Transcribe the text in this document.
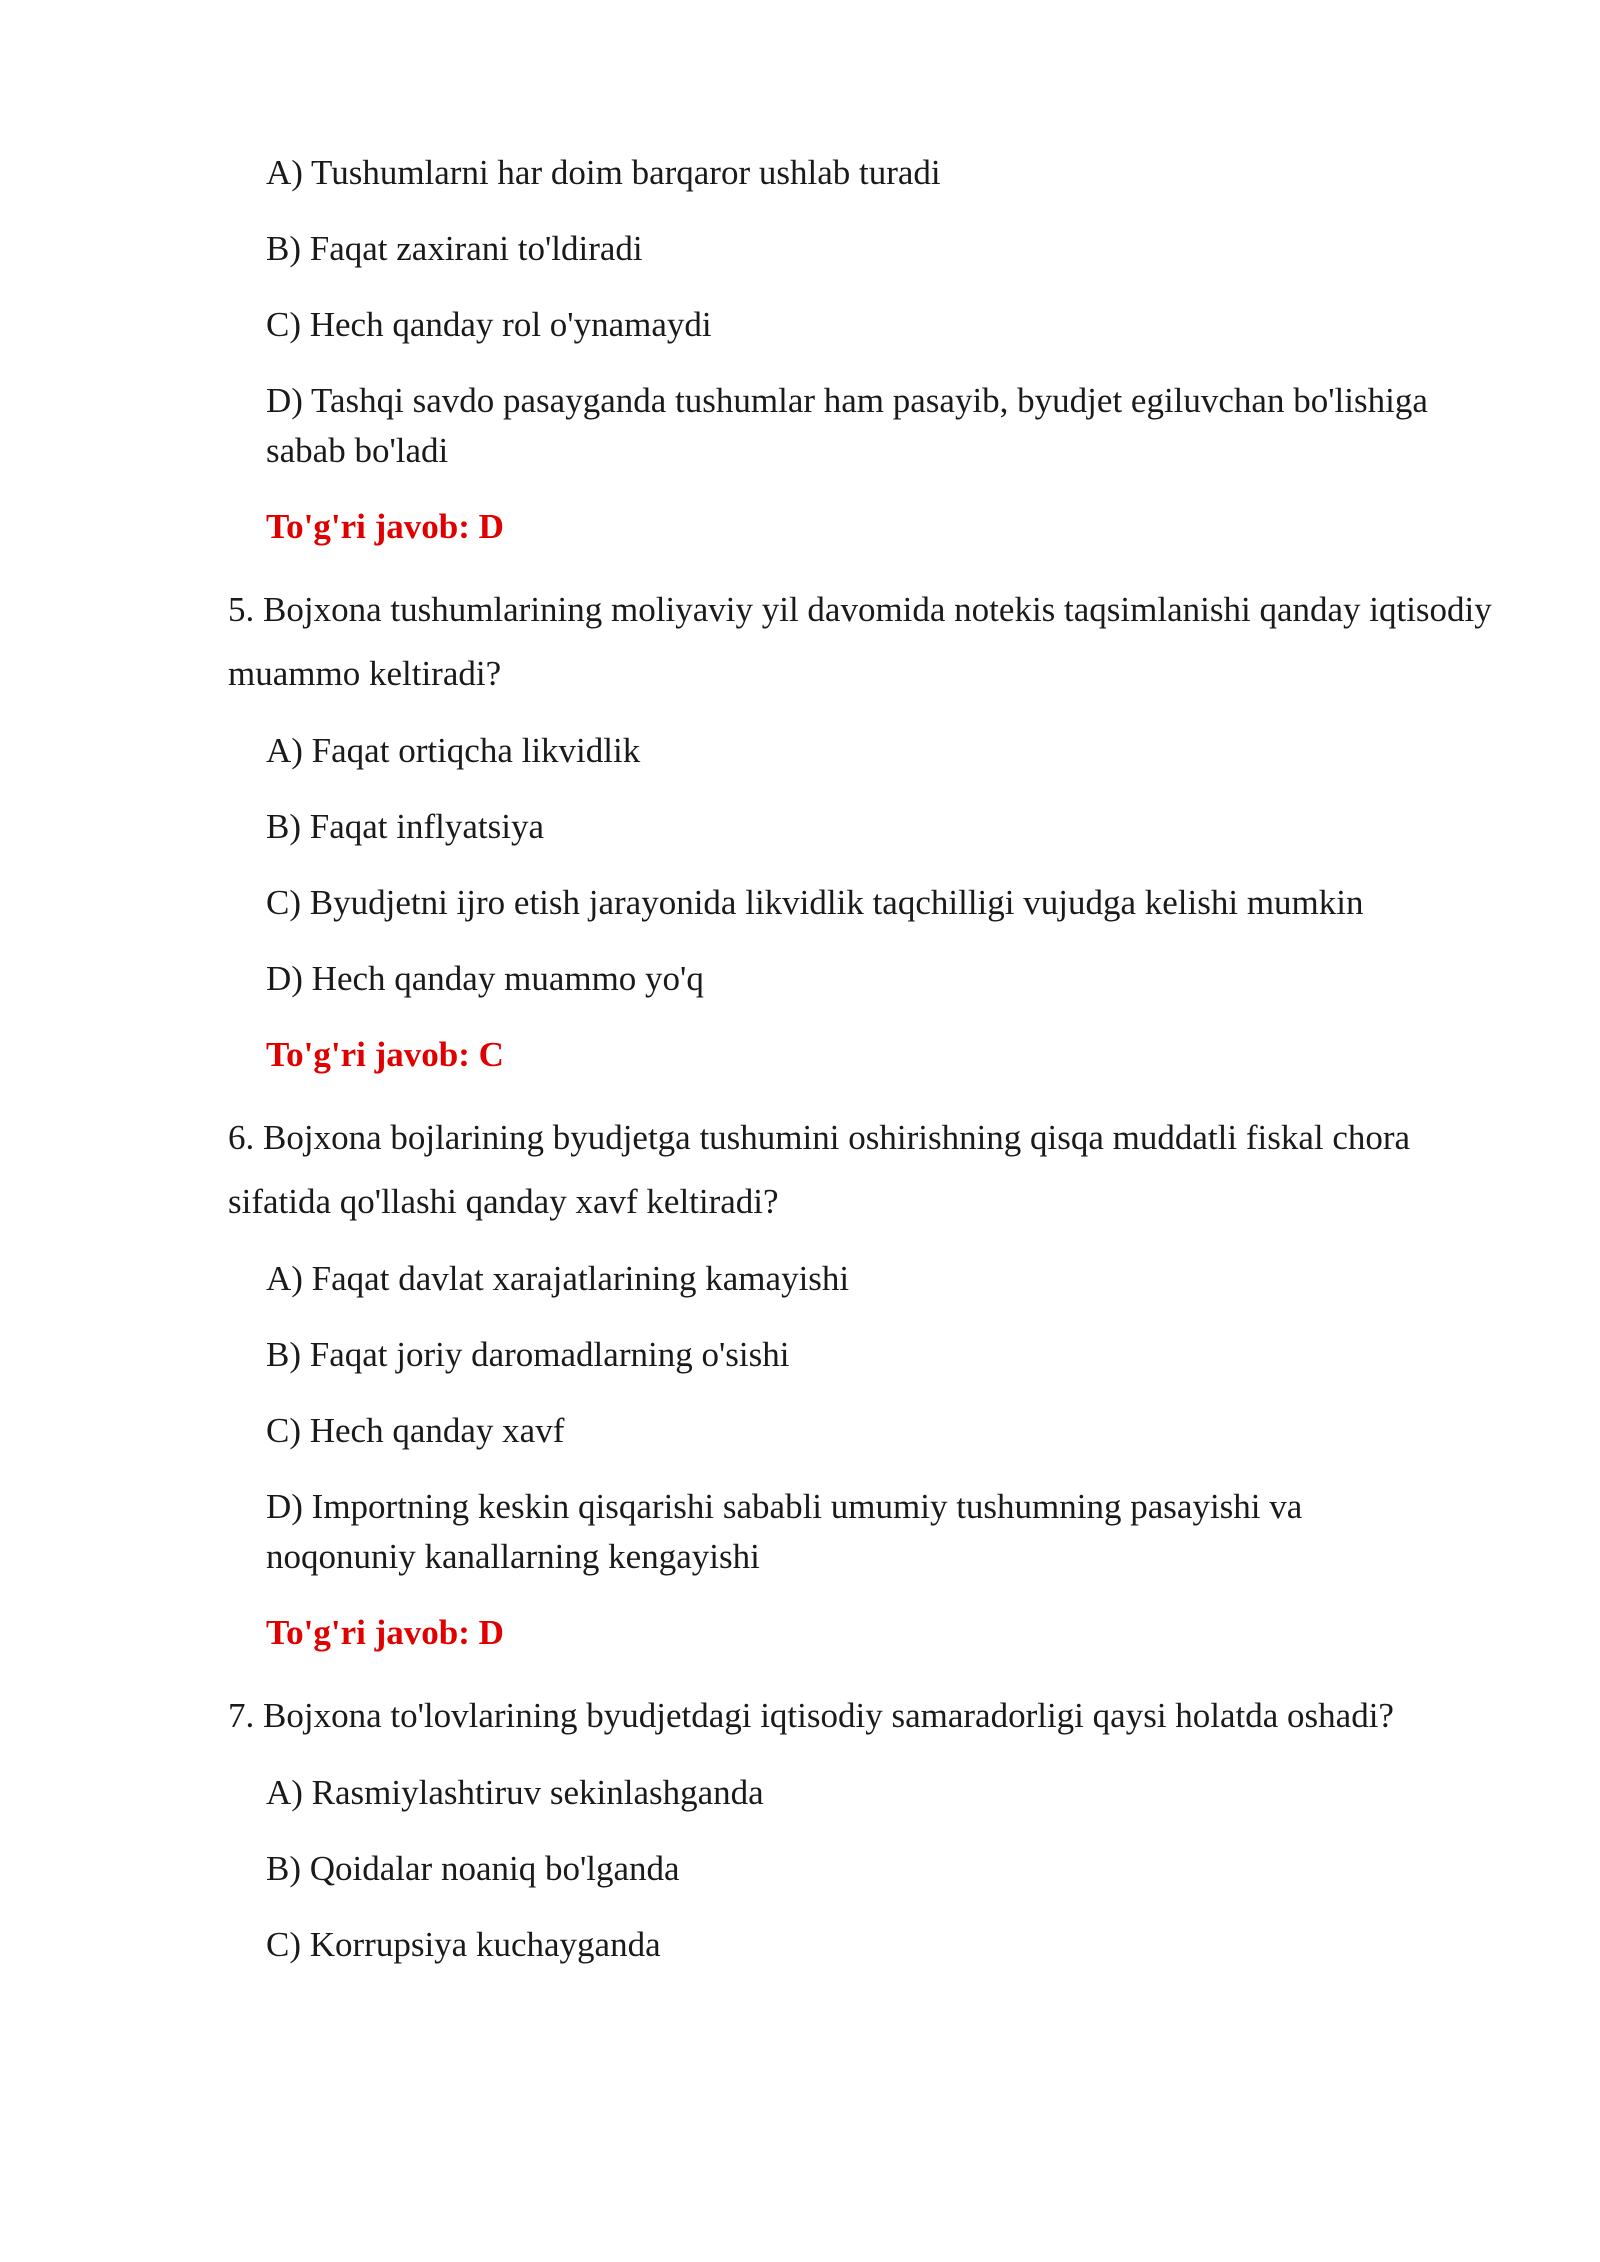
A) Tushumlarni har doim barqaror ushlab turadi
B) Faqat zaxirani to'ldiradi
C) Hech qanday rol o'ynamaydi
D) Tashqi savdo pasayganda tushumlar ham pasayib, byudjet egiluvchan bo'lishiga sabab bo'ladi
To'g'ri javob: D
5. Bojxona tushumlarining moliyaviy yil davomida notekis taqsimlanishi qanday iqtisodiy muammo keltiradi?
A) Faqat ortiqcha likvidlik
B) Faqat inflyatsiya
C) Byudjetni ijro etish jarayonida likvidlik taqchilligi vujudga kelishi mumkin
D) Hech qanday muammo yo'q
To'g'ri javob: C
6. Bojxona bojlarining byudjetga tushumini oshirishning qisqa muddatli fiskal chora sifatida qo'llashi qanday xavf keltiradi?
A) Faqat davlat xarajatlarining kamayishi
B) Faqat joriy daromadlarning o'sishi
C) Hech qanday xavf
D) Importning keskin qisqarishi sababli umumiy tushumning pasayishi va noqonuniy kanallarning kengayishi
To'g'ri javob: D
7. Bojxona to'lovlarining byudjetdagi iqtisodiy samaradorligi qaysi holatda oshadi?
A) Rasmiylashtiruv sekinlashganda
B) Qoidalar noaniq bo'lganda
C) Korrupsiya kuchayganda
